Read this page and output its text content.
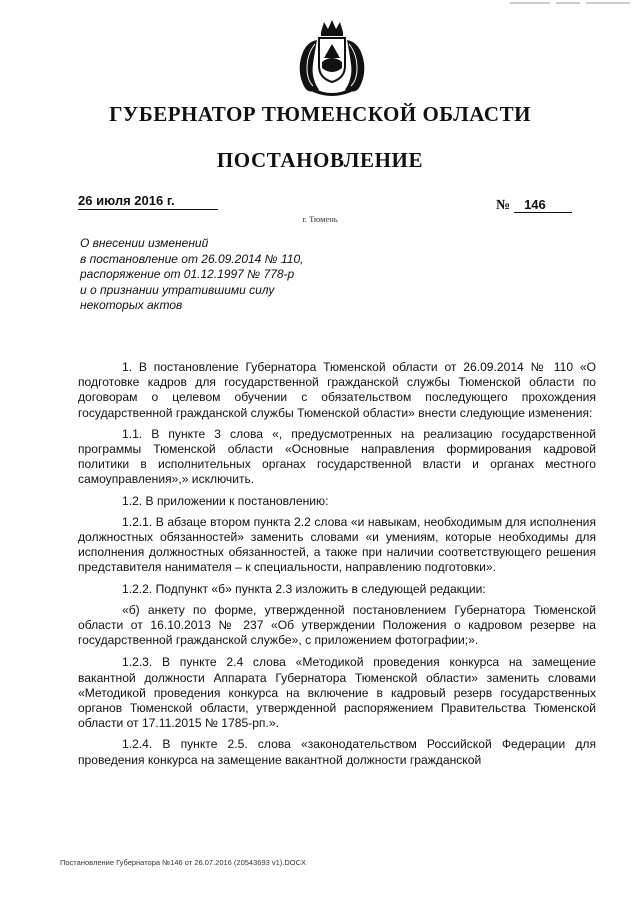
ГУБЕРНАТОР ТЮМЕНСКОЙ ОБЛАСТИ
ПОСТАНОВЛЕНИЕ
26 июля 2016 г.	№ 146
г. Тюмень
О внесении изменений
в постановление от 26.09.2014 № 110,
распоряжение от 01.12.1997 № 778-р
и о признании утратившими силу
некоторых актов

1. В постановление Губернатора Тюменской области от 26.09.2014 № 110 «О подготовке кадров для государственной гражданской службы Тюменской области по договорам о целевом обучении с обязательством последующего прохождения государственной гражданской службы Тюменской области» внести следующие изменения:

1.1. В пункте 3 слова «, предусмотренных на реализацию государственной программы Тюменской области «Основные направления формирования кадровой политики в исполнительных органах государственной власти и органах местного самоуправления»,» исключить.

1.2. В приложении к постановлению:

1.2.1. В абзаце втором пункта 2.2 слова «и навыкам, необходимым для исполнения должностных обязанностей» заменить словами «и умениям, которые необходимы для исполнения должностных обязанностей, а также при наличии соответствующего решения представителя нанимателя – к специальности, направлению подготовки».

1.2.2. Подпункт «б» пункта 2.3 изложить в следующей редакции:

«б) анкету по форме, утвержденной постановлением Губернатора Тюменской области от 16.10.2013 № 237 «Об утверждении Положения о кадровом резерве на государственной гражданской службе», с приложением фотографии;».

1.2.3. В пункте 2.4 слова «Методикой проведения конкурса на замещение вакантной должности Аппарата Губернатора Тюменской области» заменить словами «Методикой проведения конкурса на включение в кадровый резерв государственных органов Тюменской области, утвержденной распоряжением Правительства Тюменской области от 17.11.2015 № 1785-рп.».

1.2.4. В пункте 2.5. слова «законодательством Российской Федерации для проведения конкурса на замещение вакантной должности гражданской

Постановление Губернатора №146 от 26.07.2016 (20543693 v1).DOCX
